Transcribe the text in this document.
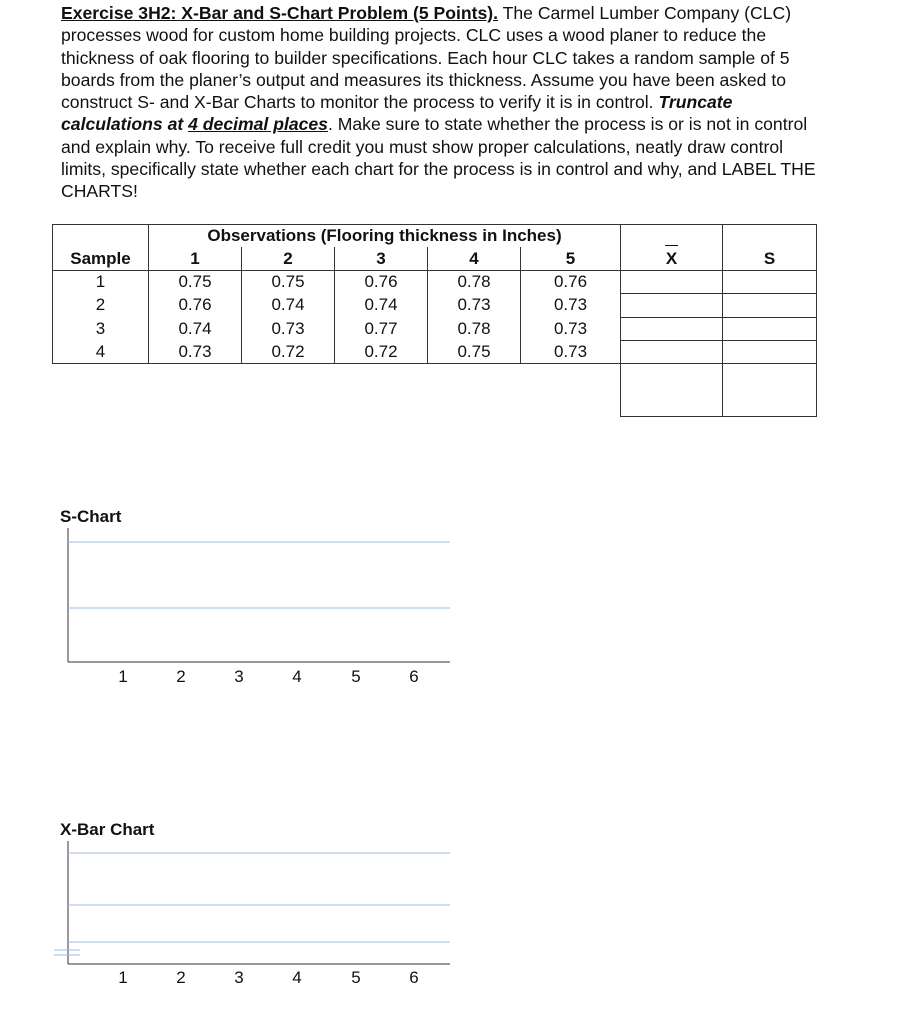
Exercise 3H2: X-Bar and S-Chart Problem (5 Points). The Carmel Lumber Company (CLC) processes wood for custom home building projects. CLC uses a wood planer to reduce the thickness of oak flooring to builder specifications. Each hour CLC takes a random sample of 5 boards from the planer’s output and measures its thickness. Assume you have been asked to construct S- and X-Bar Charts to monitor the process to verify it is in control. Truncate calculations at 4 decimal places. Make sure to state whether the process is or is not in control and explain why. To receive full credit you must show proper calculations, neatly draw control limits, specifically state whether each chart for the process is in control and why, and LABEL THE CHARTS!
	Observations (Flooring thickness in Inches)						
Sample	1	2	3	4	5	X	S
1	0.75	0.75	0.76	0.78	0.76		
2	0.76	0.74	0.74	0.73	0.73		
3	0.74	0.73	0.77	0.78	0.73		
4	0.73	0.72	0.72	0.75	0.73		

S-Chart
1	2	3	4	5	6
X-Bar Chart
1	2	3	4	5	6
